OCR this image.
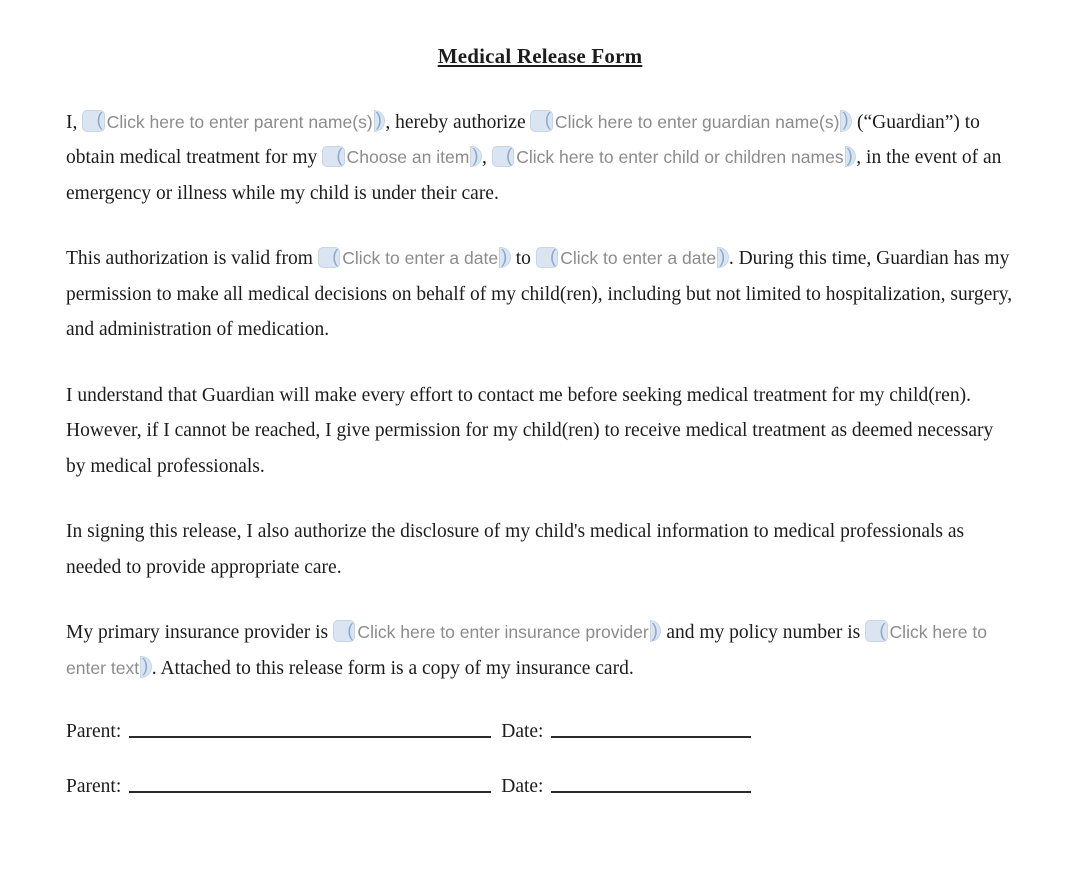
Medical Release Form

I, (Click here to enter parent name(s) ) , hereby authorize (Click here to enter guardian name(s)) (“Guardian”) to obtain medical treatment for my (Choose an item ) , (Click here to enter child or children names ) , in the event of an emergency or illness while my child is under their care.

This authorization is valid from (Click to enter a date) to (Click to enter a date ) . During this time, Guardian has my permission to make all medical decisions on behalf of my child(ren), including but not limited to hospitalization, surgery, and administration of medication.

I understand that Guardian will make every effort to contact me before seeking medical treatment for my child(ren). However, if I cannot be reached, I give permission for my child(ren) to receive medical treatment as deemed necessary by medical professionals.

In signing this release, I also authorize the disclosure of my child's medical information to medical professionals as needed to provide appropriate care.

My primary insurance provider is (Click here to enter insurance provider) and my policy number is (Click here to enter text ) . Attached to this release form is a copy of my insurance card.

Parent:	Date:

Parent:	Date:
